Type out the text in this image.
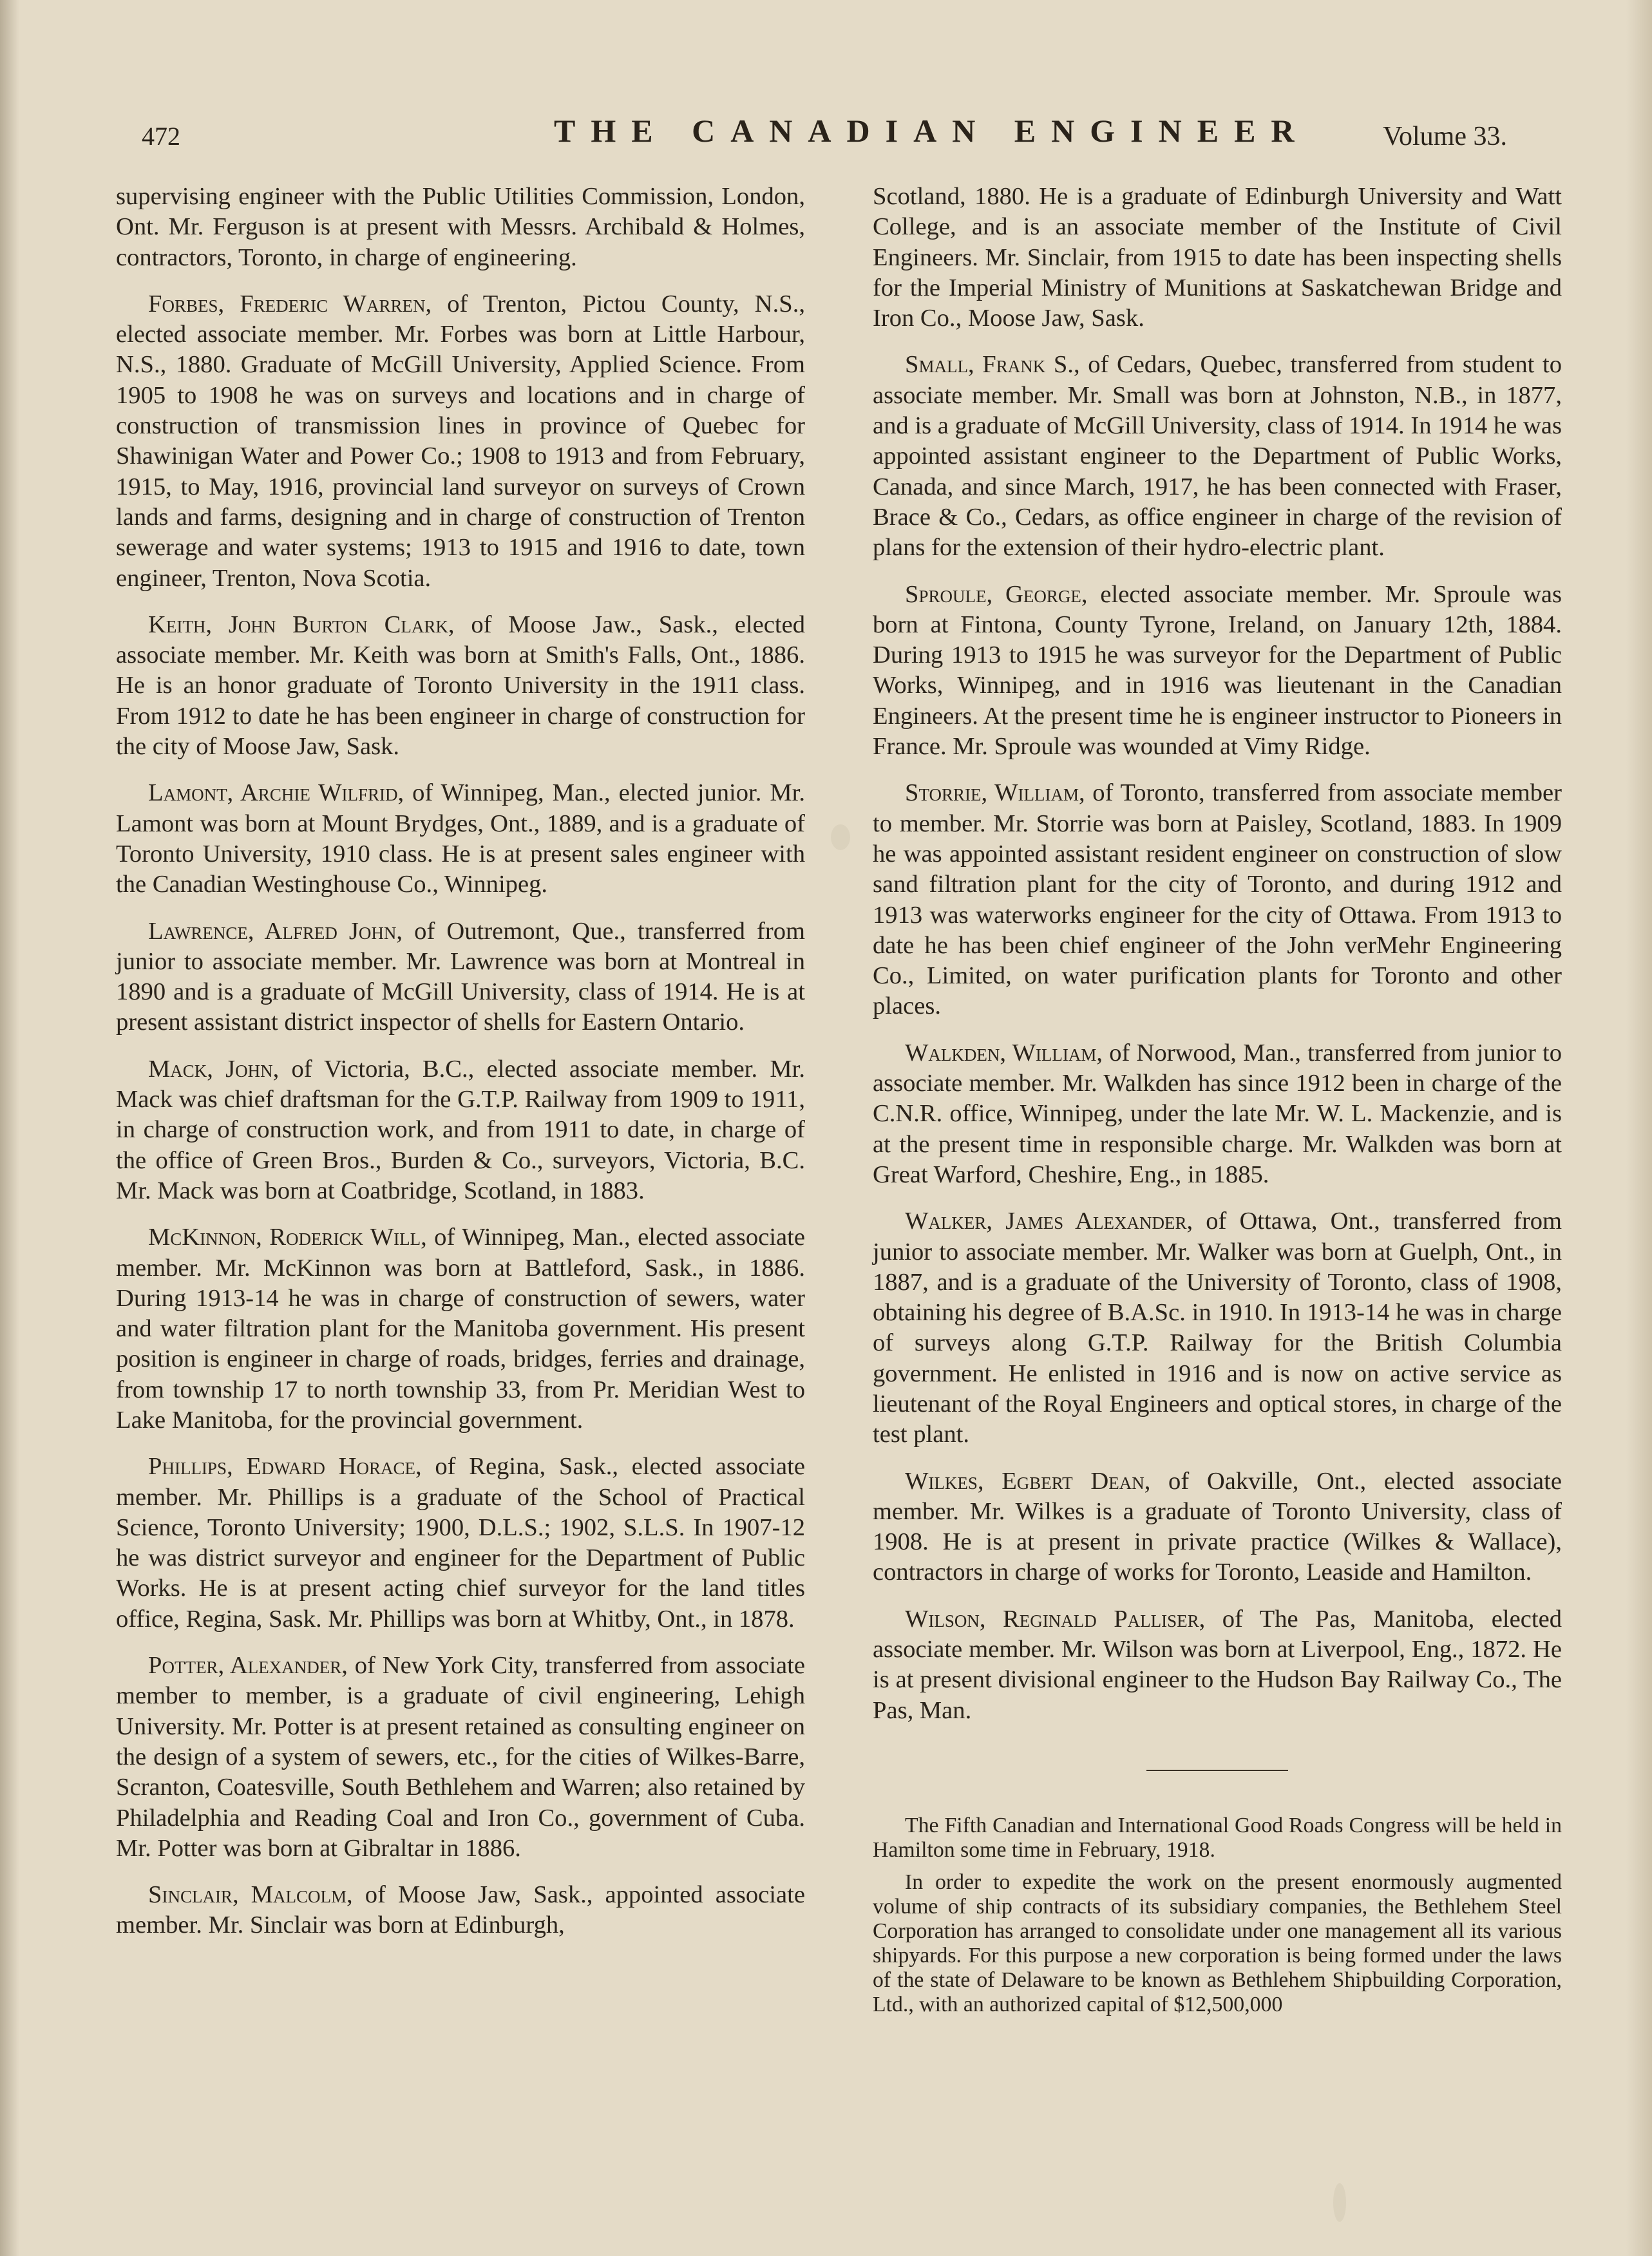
472	THE CANADIAN ENGINEER	Volume 33.

supervising engineer with the Public Utilities Commission, London, Ont. Mr. Ferguson is at present with Messrs. Archibald & Holmes, contractors, Toronto, in charge of engineering.

Forbes, Frederic Warren, of Trenton, Pictou County, N.S., elected associate member. Mr. Forbes was born at Little Harbour, N.S., 1880. Graduate of McGill University, Applied Science. From 1905 to 1908 he was on surveys and locations and in charge of construction of transmission lines in province of Quebec for Shawinigan Water and Power Co.; 1908 to 1913 and from February, 1915, to May, 1916, provincial land surveyor on surveys of Crown lands and farms, designing and in charge of construction of Trenton sewerage and water systems; 1913 to 1915 and 1916 to date, town engineer, Trenton, Nova Scotia.

Keith, John Burton Clark, of Moose Jaw., Sask., elected associate member. Mr. Keith was born at Smith's Falls, Ont., 1886. He is an honor graduate of Toronto University in the 1911 class. From 1912 to date he has been engineer in charge of construction for the city of Moose Jaw, Sask.

Lamont, Archie Wilfrid, of Winnipeg, Man., elected junior. Mr. Lamont was born at Mount Brydges, Ont., 1889, and is a graduate of Toronto University, 1910 class. He is at present sales engineer with the Canadian Westinghouse Co., Winnipeg.

Lawrence, Alfred John, of Outremont, Que., transferred from junior to associate member. Mr. Lawrence was born at Montreal in 1890 and is a graduate of McGill University, class of 1914. He is at present assistant district inspector of shells for Eastern Ontario.

Mack, John, of Victoria, B.C., elected associate member. Mr. Mack was chief draftsman for the G.T.P. Railway from 1909 to 1911, in charge of construction work, and from 1911 to date, in charge of the office of Green Bros., Burden & Co., surveyors, Victoria, B.C. Mr. Mack was born at Coatbridge, Scotland, in 1883.

McKinnon, Roderick Will, of Winnipeg, Man., elected associate member. Mr. McKinnon was born at Battleford, Sask., in 1886. During 1913-14 he was in charge of construction of sewers, water and water filtration plant for the Manitoba government. His present position is engineer in charge of roads, bridges, ferries and drainage, from township 17 to north township 33, from Pr. Meridian West to Lake Manitoba, for the provincial government.

Phillips, Edward Horace, of Regina, Sask., elected associate member. Mr. Phillips is a graduate of the School of Practical Science, Toronto University; 1900, D.L.S.; 1902, S.L.S. In 1907-12 he was district surveyor and engineer for the Department of Public Works. He is at present acting chief surveyor for the land titles office, Regina, Sask. Mr. Phillips was born at Whitby, Ont., in 1878.

Potter, Alexander, of New York City, transferred from associate member to member, is a graduate of civil engineering, Lehigh University. Mr. Potter is at present retained as consulting engineer on the design of a system of sewers, etc., for the cities of Wilkes-Barre, Scranton, Coatesville, South Bethlehem and Warren; also retained by Philadelphia and Reading Coal and Iron Co., government of Cuba. Mr. Potter was born at Gibraltar in 1886.

Sinclair, Malcolm, of Moose Jaw, Sask., appointed associate member. Mr. Sinclair was born at Edinburgh,

Scotland, 1880. He is a graduate of Edinburgh University and Watt College, and is an associate member of the Institute of Civil Engineers. Mr. Sinclair, from 1915 to date has been inspecting shells for the Imperial Ministry of Munitions at Saskatchewan Bridge and Iron Co., Moose Jaw, Sask.

Small, Frank S., of Cedars, Quebec, transferred from student to associate member. Mr. Small was born at Johnston, N.B., in 1877, and is a graduate of McGill University, class of 1914. In 1914 he was appointed assistant engineer to the Department of Public Works, Canada, and since March, 1917, he has been connected with Fraser, Brace & Co., Cedars, as office engineer in charge of the revision of plans for the extension of their hydro-electric plant.

Sproule, George, elected associate member. Mr. Sproule was born at Fintona, County Tyrone, Ireland, on January 12th, 1884. During 1913 to 1915 he was surveyor for the Department of Public Works, Winnipeg, and in 1916 was lieutenant in the Canadian Engineers. At the present time he is engineer instructor to Pioneers in France. Mr. Sproule was wounded at Vimy Ridge.

Storrie, William, of Toronto, transferred from associate member to member. Mr. Storrie was born at Paisley, Scotland, 1883. In 1909 he was appointed assistant resident engineer on construction of slow sand filtration plant for the city of Toronto, and during 1912 and 1913 was waterworks engineer for the city of Ottawa. From 1913 to date he has been chief engineer of the John verMehr Engineering Co., Limited, on water purification plants for Toronto and other places.

Walkden, William, of Norwood, Man., transferred from junior to associate member. Mr. Walkden has since 1912 been in charge of the C.N.R. office, Winnipeg, under the late Mr. W. L. Mackenzie, and is at the present time in responsible charge. Mr. Walkden was born at Great Warford, Cheshire, Eng., in 1885.

Walker, James Alexander, of Ottawa, Ont., transferred from junior to associate member. Mr. Walker was born at Guelph, Ont., in 1887, and is a graduate of the University of Toronto, class of 1908, obtaining his degree of B.A.Sc. in 1910. In 1913-14 he was in charge of surveys along G.T.P. Railway for the British Columbia government. He enlisted in 1916 and is now on active service as lieutenant of the Royal Engineers and optical stores, in charge of the test plant.

Wilkes, Egbert Dean, of Oakville, Ont., elected associate member. Mr. Wilkes is a graduate of Toronto University, class of 1908. He is at present in private practice (Wilkes & Wallace), contractors in charge of works for Toronto, Leaside and Hamilton.

Wilson, Reginald Palliser, of The Pas, Manitoba, elected associate member. Mr. Wilson was born at Liverpool, Eng., 1872. He is at present divisional engineer to the Hudson Bay Railway Co., The Pas, Man.

The Fifth Canadian and International Good Roads Congress will be held in Hamilton some time in February, 1918.

In order to expedite the work on the present enormously augmented volume of ship contracts of its subsidiary companies, the Bethlehem Steel Corporation has arranged to consolidate under one management all its various shipyards. For this purpose a new corporation is being formed under the laws of the state of Delaware to be known as Bethlehem Shipbuilding Corporation, Ltd., with an authorized capital of $12,500,000
